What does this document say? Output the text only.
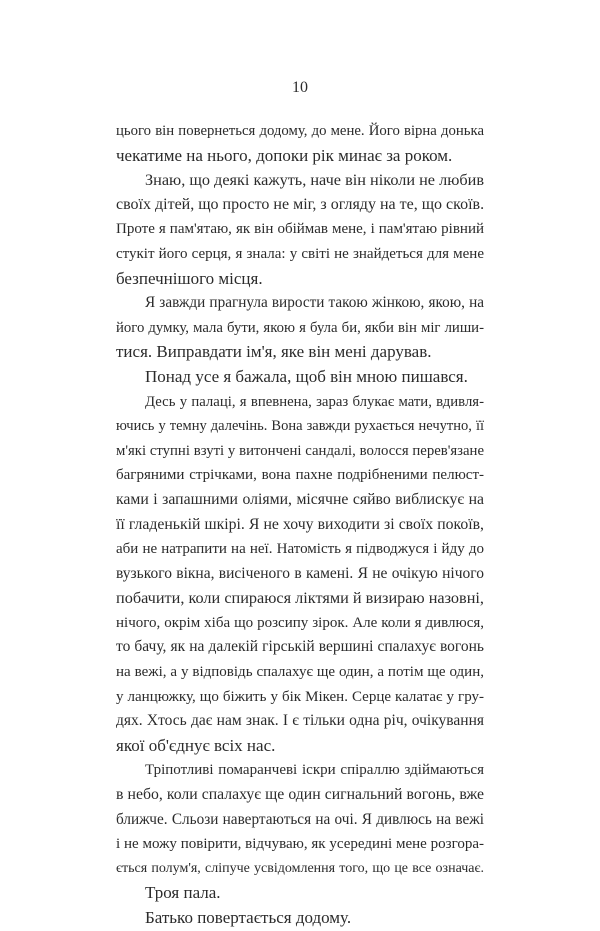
10
цього він повернеться додому, до мене. Його вірна донька
чекатиме на нього, допоки рік минає за роком.
Знаю, що деякі кажуть, наче він ніколи не любив
своїх дітей, що просто не міг, з огляду на те, що скоїв.
Проте я пам'ятаю, як він обіймав мене, і пам'ятаю рівний
стукіт його серця, я знала: у світі не знайдеться для мене
безпечнішого місця.
Я завжди прагнула вирости такою жінкою, якою, на
його думку, мала бути, якою я була би, якби він міг лиши-
тися. Виправдати ім'я, яке він мені дарував.
Понад усе я бажала, щоб він мною пишався.
Десь у палаці, я впевнена, зараз блукає мати, вдивля-
ючись у темну далечінь. Вона завжди рухається нечутно, її
м'які ступні взуті у витончені сандалі, волосся перев'язане
багряними стрічками, вона пахне подрібненими пелюст-
ками і запашними оліями, місячне сяйво виблискує на
її гладенькій шкірі. Я не хочу виходити зі своїх покоїв,
аби не натрапити на неї. Натомість я підводжуся і йду до
вузького вікна, висіченого в камені. Я не очікую нічого
побачити, коли спираюся ліктями й визираю назовні,
нічого, окрім хіба що розсипу зірок. Але коли я дивлюся,
то бачу, як на далекій гірській вершині спалахує вогонь
на вежі, а у відповідь спалахує ще один, а потім ще один,
у ланцюжку, що біжить у бік Мікен. Серце калатає у гру-
дях. Хтось дає нам знак. І є тільки одна річ, очікування
якої об'єднує всіх нас.
Тріпотливі помаранчеві іскри спіраллю здіймаються
в небо, коли спалахує ще один сигнальний вогонь, вже
ближче. Сльози навертаються на очі. Я дивлюсь на вежі
і не можу повірити, відчуваю, як усередині мене розгора-
ється полум'я, сліпуче усвідомлення того, що це все означає.
Троя пала.
Батько повертається додому.
